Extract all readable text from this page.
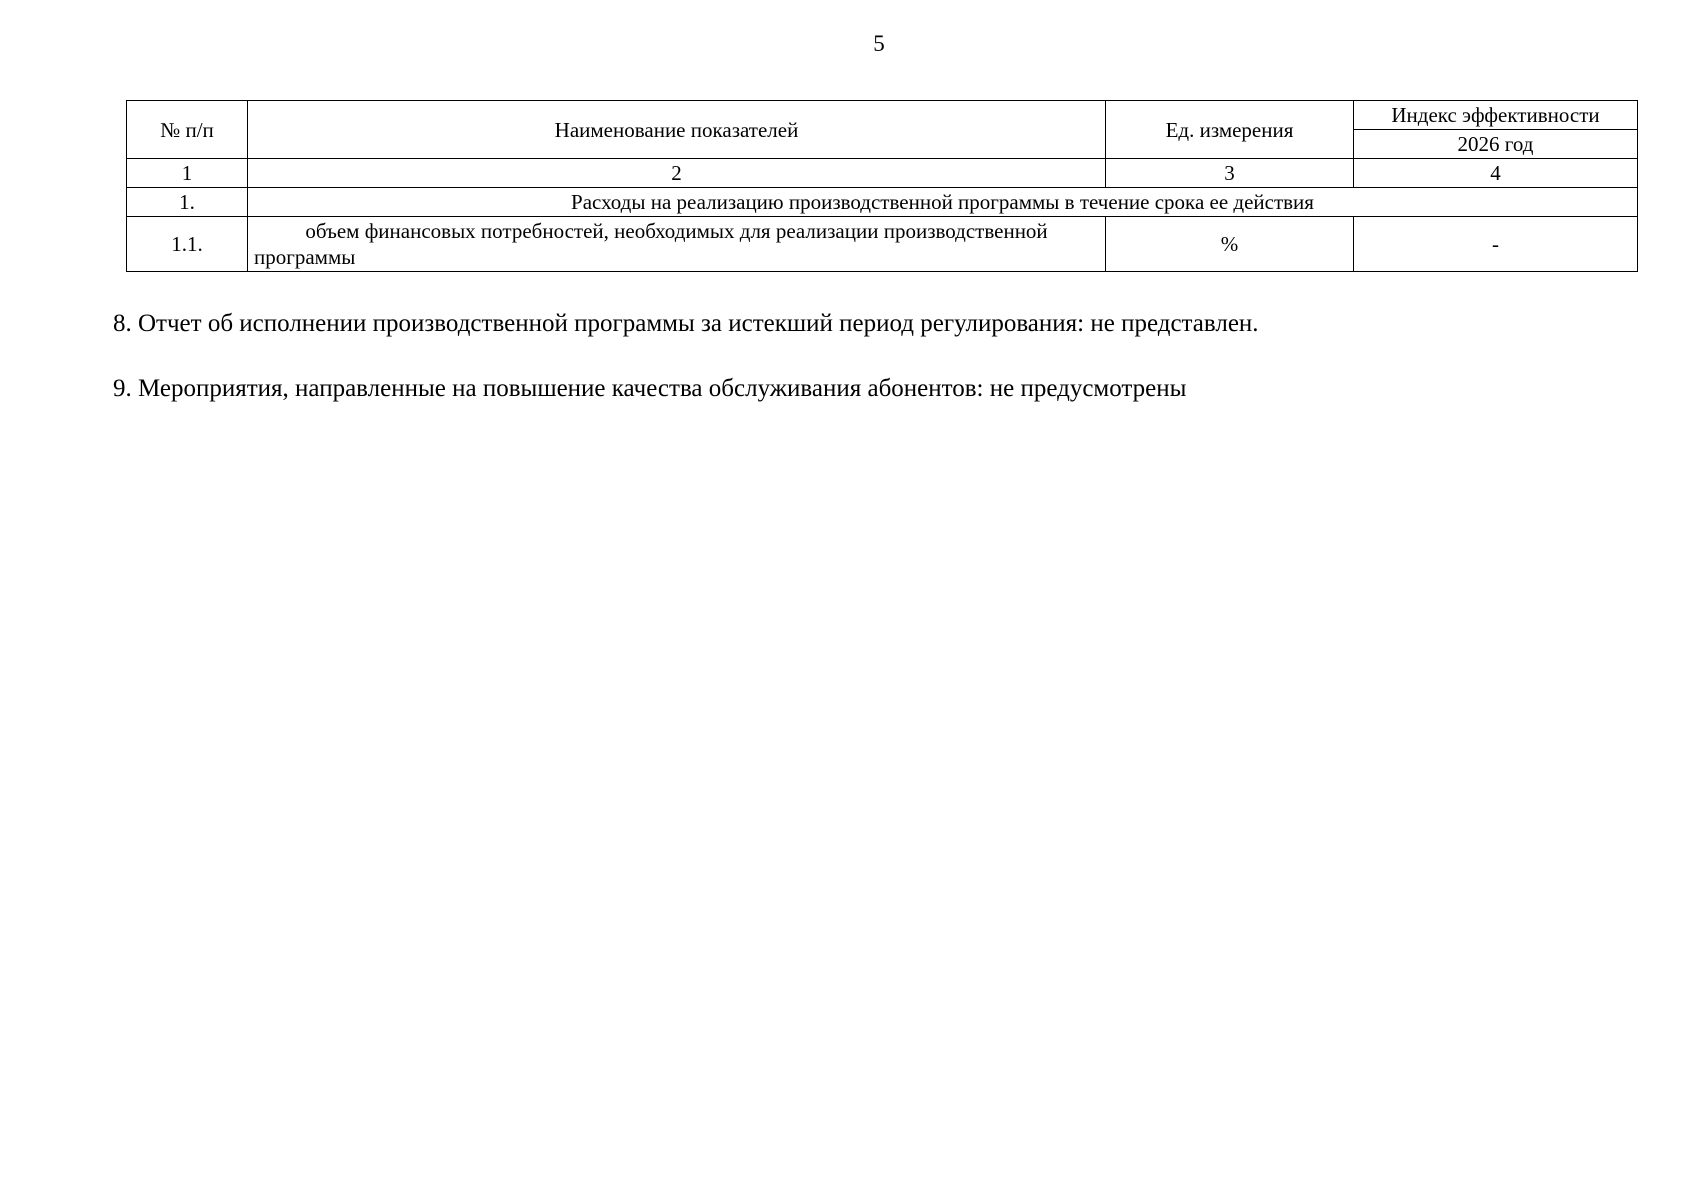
5
№ п/п	Наименование показателей	Ед. измерения	Индекс эффективности
			2026 год
1	2	3	4
1.	Расходы на реализацию производственной программы в течение срока ее действия		
1.1.	объем финансовых потребностей, необходимых для реализации производственной программы	%	-
8. Отчет об исполнении производственной программы за истекший период регулирования: не представлен.
9. Мероприятия, направленные на повышение качества обслуживания абонентов: не предусмотрены
